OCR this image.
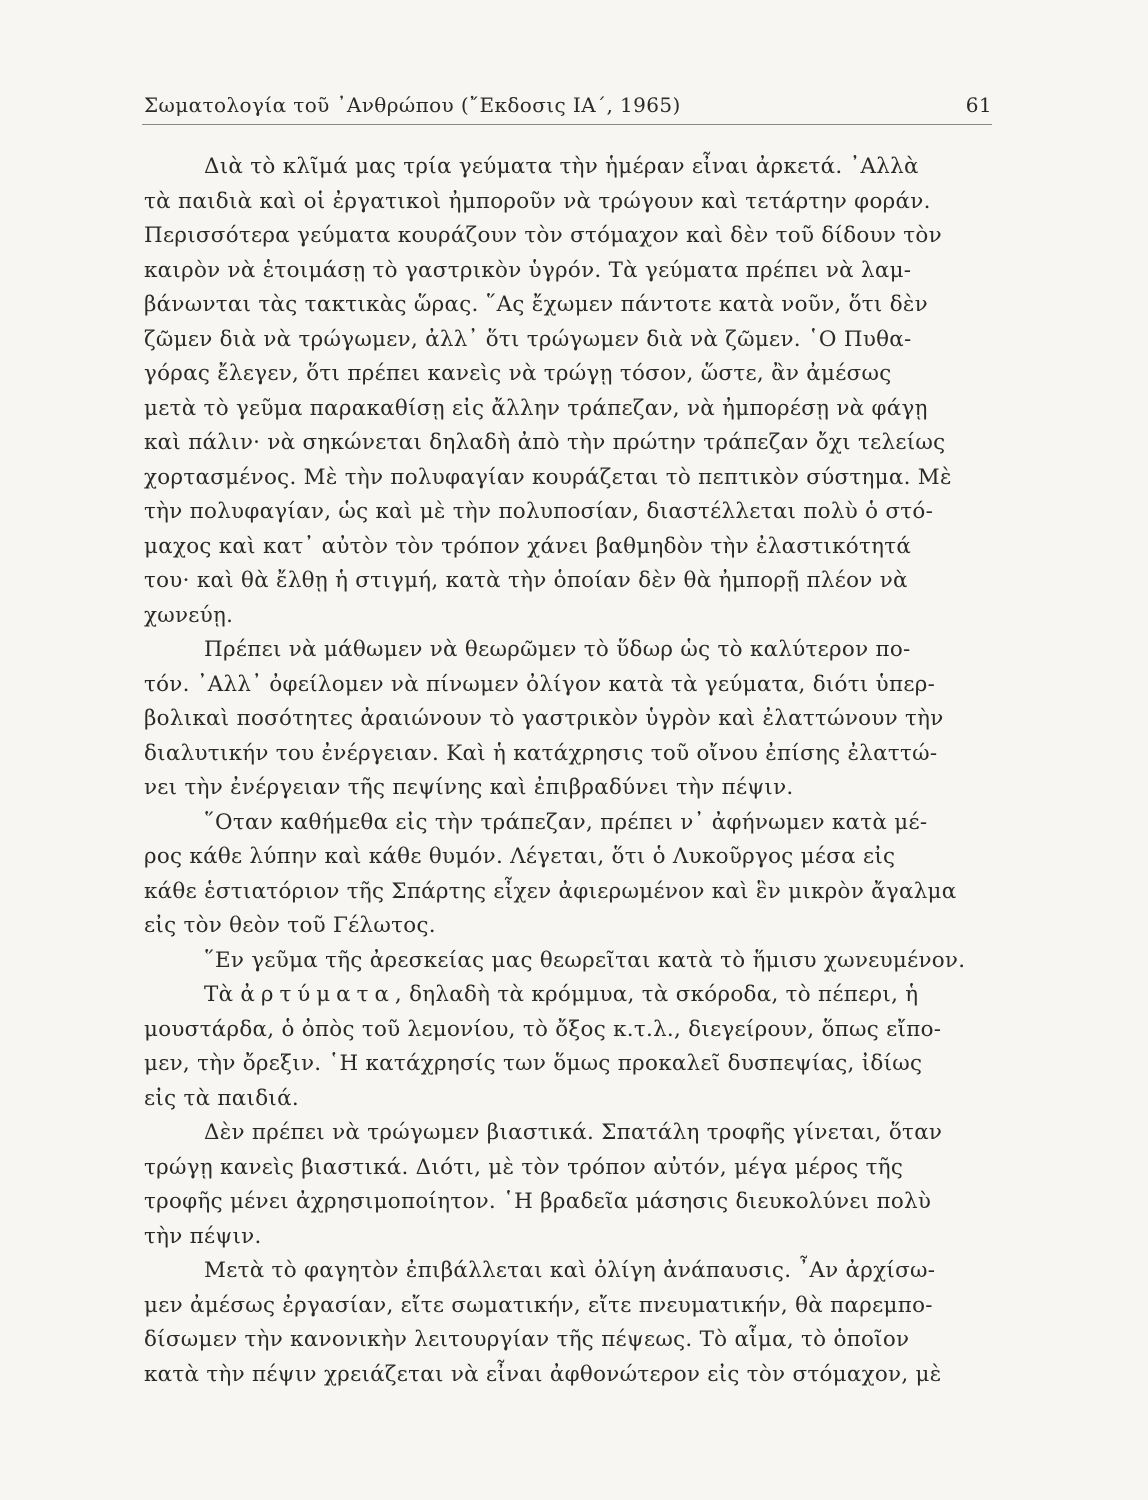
Σωματολογία τοῦ ᾿Ανθρώπου (῎Εκδοσις ΙΑ΄, 1965)	61

Διὰ τὸ κλῖμά μας τρία γεύματα τὴν ἡμέραν εἶναι ἀρκετά. ᾿Αλλὰ
τὰ παιδιὰ καὶ οἱ ἐργατικοὶ ἠμποροῦν νὰ τρώγουν καὶ τετάρτην φοράν.
Περισσότερα γεύματα κουράζουν τὸν στόμαχον καὶ δὲν τοῦ δίδουν τὸν
καιρὸν νὰ ἑτοιμάσῃ τὸ γαστρικὸν ὑγρόν. Τὰ γεύματα πρέπει νὰ λαμ-
βάνωνται τὰς τακτικὰς ὥρας. ῞Ας ἔχωμεν πάντοτε κατὰ νοῦν, ὅτι δὲν
ζῶμεν διὰ νὰ τρώγωμεν, ἀλλ᾿ ὅτι τρώγωμεν διὰ νὰ ζῶμεν. ῾Ο Πυθα-
γόρας ἔλεγεν, ὅτι πρέπει κανεὶς νὰ τρώγῃ τόσον, ὥστε, ἂν ἀμέσως
μετὰ τὸ γεῦμα παρακαθίσῃ εἰς ἄλλην τράπεζαν, νὰ ἠμπορέσῃ νὰ φάγῃ
καὶ πάλιν· νὰ σηκώνεται δηλαδὴ ἀπὸ τὴν πρώτην τράπεζαν ὄχι τελείως
χορτασμένος. Μὲ τὴν πολυφαγίαν κουράζεται τὸ πεπτικὸν σύστημα. Μὲ
τὴν πολυφαγίαν, ὡς καὶ μὲ τὴν πολυποσίαν, διαστέλλεται πολὺ ὁ στό-
μαχος καὶ κατ᾿ αὐτὸν τὸν τρόπον χάνει βαθμηδὸν τὴν ἐλαστικότητά
του· καὶ θὰ ἔλθῃ ἡ στιγμή, κατὰ τὴν ὁποίαν δὲν θὰ ἠμπορῇ πλέον νὰ
χωνεύῃ.

Πρέπει νὰ μάθωμεν νὰ θεωρῶμεν τὸ ὕδωρ ὡς τὸ καλύτερον πο-
τόν. ᾿Αλλ᾿ ὀφείλομεν νὰ πίνωμεν ὀλίγον κατὰ τὰ γεύματα, διότι ὑπερ-
βολικαὶ ποσότητες ἀραιώνουν τὸ γαστρικὸν ὑγρὸν καὶ ἐλαττώνουν τὴν
διαλυτικήν του ἐνέργειαν. Καὶ ἡ κατάχρησις τοῦ οἴνου ἐπίσης ἐλαττώ-
νει τὴν ἐνέργειαν τῆς πεψίνης καὶ ἐπιβραδύνει τὴν πέψιν.

῞Οταν καθήμεθα εἰς τὴν τράπεζαν, πρέπει ν᾿ ἀφήνωμεν κατὰ μέ-
ρος κάθε λύπην καὶ κάθε θυμόν. Λέγεται, ὅτι ὁ Λυκοῦργος μέσα εἰς
κάθε ἑστιατόριον τῆς Σπάρτης εἶχεν ἀφιερωμένον καὶ ἓν μικρὸν ἄγαλμα
εἰς τὸν θεὸν τοῦ Γέλωτος.

῞Εν γεῦμα τῆς ἀρεσκείας μας θεωρεῖται κατὰ τὸ ἥμισυ χωνευμένον.

Τὰ ἀρτύματα, δηλαδὴ τὰ κρόμμυα, τὰ σκόροδα, τὸ πέπερι, ἡ
μουστάρδα, ὁ ὀπὸς τοῦ λεμονίου, τὸ ὄξος κ.τ.λ., διεγείρουν, ὅπως εἴπο-
μεν, τὴν ὄρεξιν. ῾Η κατάχρησίς των ὅμως προκαλεῖ δυσπεψίας, ἰδίως
εἰς τὰ παιδιά.

Δὲν πρέπει νὰ τρώγωμεν βιαστικά. Σπατάλη τροφῆς γίνεται, ὅταν
τρώγῃ κανεὶς βιαστικά. Διότι, μὲ τὸν τρόπον αὐτόν, μέγα μέρος τῆς
τροφῆς μένει ἀχρησιμοποίητον. ῾Η βραδεῖα μάσησις διευκολύνει πολὺ
τὴν πέψιν.

Μετὰ τὸ φαγητὸν ἐπιβάλλεται καὶ ὀλίγη ἀνάπαυσις. ῏Αν ἀρχίσω-
μεν ἀμέσως ἐργασίαν, εἴτε σωματικήν, εἴτε πνευματικήν, θὰ παρεμπο-
δίσωμεν τὴν κανονικὴν λειτουργίαν τῆς πέψεως. Τὸ αἷμα, τὸ ὁποῖον
κατὰ τὴν πέψιν χρειάζεται νὰ εἶναι ἀφθονώτερον εἰς τὸν στόμαχον, μὲ
